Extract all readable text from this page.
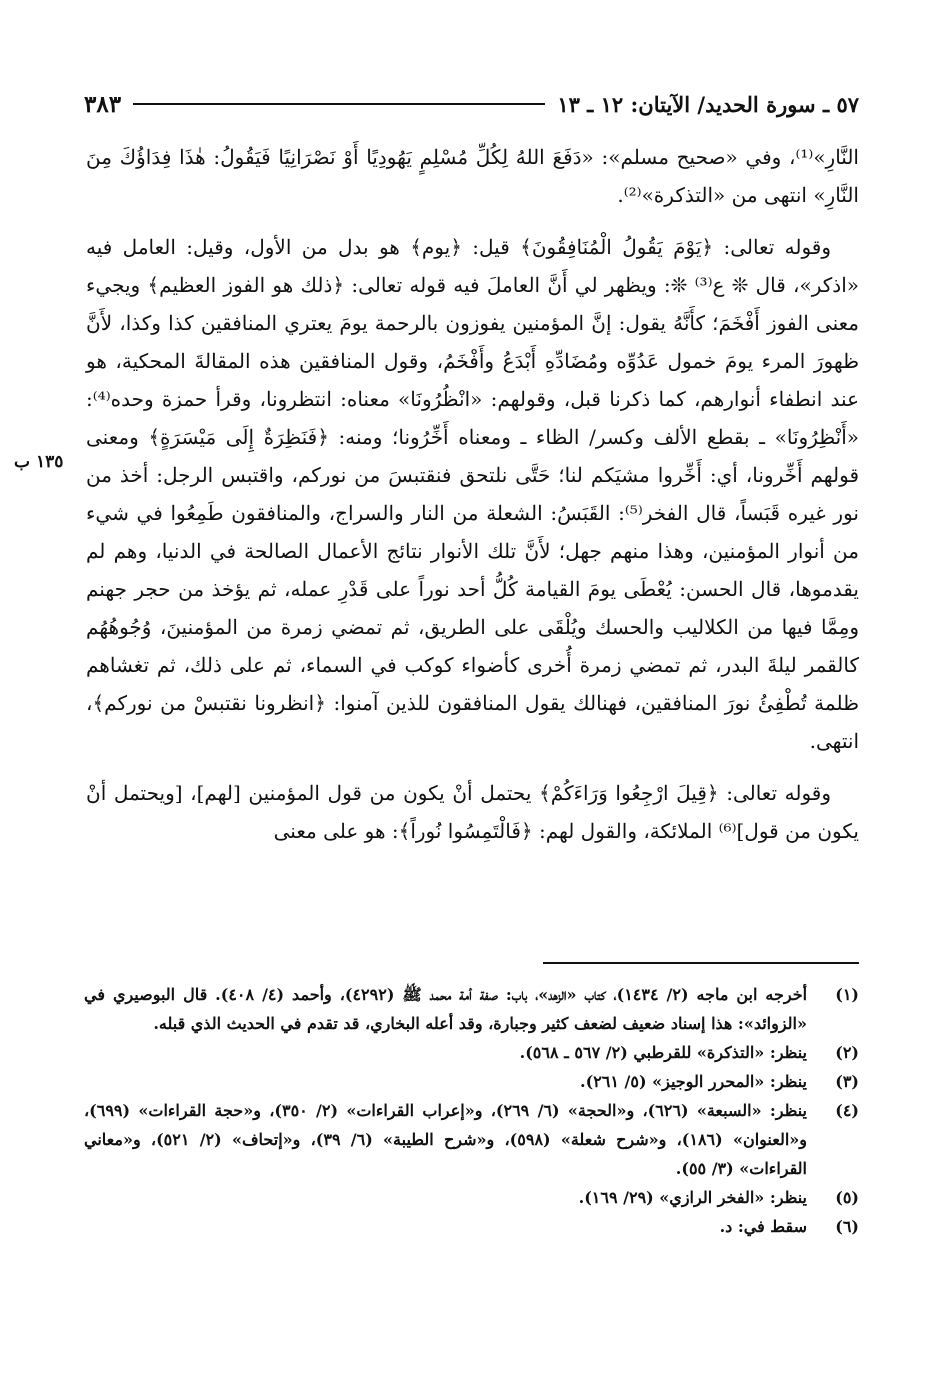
٥٧ ـ سورة الحديد/ الآيتان: ١٢ ـ ١٣
٣٨٣
١٣٥ ب

النَّارِ»⁽¹⁾، وفي «صحيح مسلم»: «دَفَعَ اللهُ لِكُلِّ مُسْلِمٍ يَهُودِيًا أَوْ نَصْرَانِيًا فَيَقُولُ: هٰذَا فِدَاؤُكَ مِنَ النَّارِ» انتهى من «التذكرة»⁽²⁾.

وقوله تعالى: ﴿يَوْمَ يَقُولُ الْمُنَافِقُونَ﴾ قيل: ﴿يوم﴾ هو بدل من الأول، وقيل: العامل فيه «اذكر»، قال ❊ ع⁽³⁾ ❊: ويظهر لي أَنَّ العاملَ فيه قوله تعالى: ﴿ذلك هو الفوز العظيم﴾ ويجيء معنى الفوز أَفْخَمَ؛ كأَنَّهُ يقول: إنَّ المؤمنين يفوزون بالرحمة يومَ يعتري المنافقين كذا وكذا، لأَنَّ ظهورَ المرء يومَ خمول عَدُوِّه ومُضَادِّهِ أَبْدَعُ وأَفْخَمُ، وقول المنافقين هذه المقالةَ المحكية، هو عند انطفاء أنوارهم، كما ذكرنا قبل، وقولهم: «انْظُرُونَا» معناه: انتظرونا، وقرأ حمزة وحده⁽⁴⁾: «أَنْظِرُونَا» ـ بقطع الألف وكسر/ الظاء ـ ومعناه أَخِّرُونا؛ ومنه: ﴿فَنَظِرَةٌ إِلَى مَيْسَرَةٍ﴾ ومعنى قولهم أَخِّرونا، أي: أَخِّروا مشيَكم لنا؛ حَتَّى نلتحق فنقتبسَ من نوركم، واقتبس الرجل: أخذ من نور غيره قَبَساً، قال الفخر⁽⁵⁾: القَبَسُ: الشعلة من النار والسراج، والمنافقون طَمِعُوا في شيء من أنوار المؤمنين، وهذا منهم جهل؛ لأَنَّ تلك الأنوار نتائج الأعمال الصالحة في الدنيا، وهم لم يقدموها، قال الحسن: يُعْطَى يومَ القيامة كُلُّ أحد نوراً على قَدْرِ عمله، ثم يؤخذ من حجر جهنم ومِمَّا فيها من الكلاليب والحسك ويُلْقَى على الطريق، ثم تمضي زمرة من المؤمنينَ، وُجُوهُهُم كالقمر ليلةَ البدر، ثم تمضي زمرة أُخرى كأضواء كوكب في السماء، ثم على ذلك، ثم تغشاهم ظلمة تُطْفِئُ نورَ المنافقين، فهنالك يقول المنافقون للذين آمنوا: ﴿انظرونا نقتبسْ من نوركم﴾، انتهى.

وقوله تعالى: ﴿قِيلَ ارْجِعُوا وَرَاءَكُمْ﴾ يحتمل أنْ يكون من قول المؤمنين [لهم]، [ويحتمل أنْ يكون من قول]⁽⁶⁾ الملائكة، والقول لهم: ﴿فَالْتَمِسُوا نُوراً﴾: هو على معنى

(١)
أخرجه ابن ماجه (٢/ ١٤٣٤)، كتاب «الزهد»، باب: صفة أمة محمد ﷺ (٤٢٩٢)، وأحمد (٤/ ٤٠٨). قال البوصيري في «الزوائد»: هذا إسناد ضعيف لضعف كثير وجبارة، وقد أعله البخاري، قد تقدم في الحديث الذي قبله.
(٢)
ينظر: «التذكرة» للقرطبي (٢/ ٥٦٧ ـ ٥٦٨).
(٣)
ينظر: «المحرر الوجيز» (٥/ ٢٦١).
(٤)
ينظر: «السبعة» (٦٢٦)، و«الحجة» (٦/ ٢٦٩)، و«إعراب القراءات» (٢/ ٣٥٠)، و«حجة القراءات» (٦٩٩)، و«العنوان» (١٨٦)، و«شرح شعلة» (٥٩٨)، و«شرح الطيبة» (٦/ ٣٩)، و«إتحاف» (٢/ ٥٢١)، و«معاني القراءات» (٣/ ٥٥).
(٥)
ينظر: «الفخر الرازي» (٢٩/ ١٦٩).
(٦)
سقط في: د.
